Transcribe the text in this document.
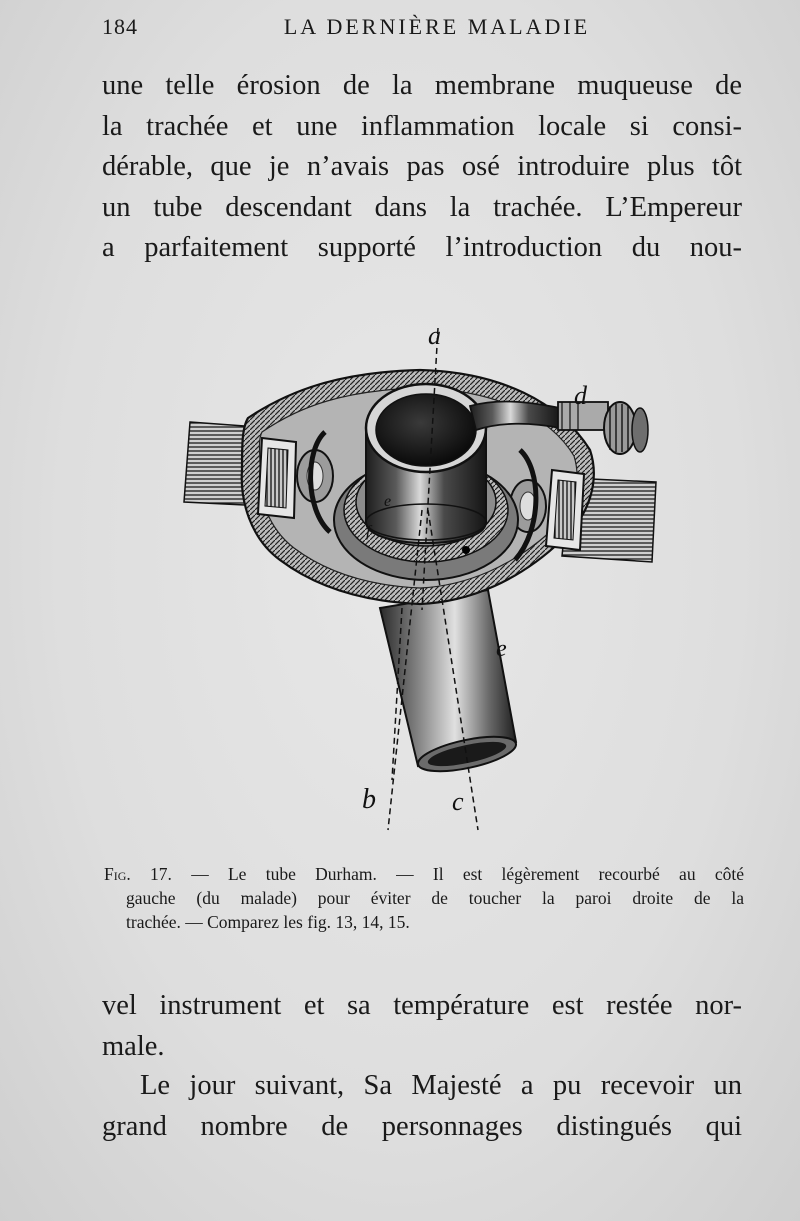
184	LA DERNIÈRE MALADIE

une telle érosion de la membrane muqueuse de
la trachée et une inflammation locale si consi-
dérable, que je n’avais pas osé introduire plus tôt
un tube descendant dans la trachée. L’Empereur
a parfaitement supporté l’introduction du nou-

a
d
e
b	c
e
f

Fig. 17. — Le tube Durham. — Il est légèrement recourbé au côté
gauche (du malade) pour éviter de toucher la paroi droite de la
trachée. — Comparez les fig. 13, 14, 15.

vel instrument et sa température est restée nor-
male.

Le jour suivant, Sa Majesté a pu recevoir un
grand nombre de personnages distingués qui
